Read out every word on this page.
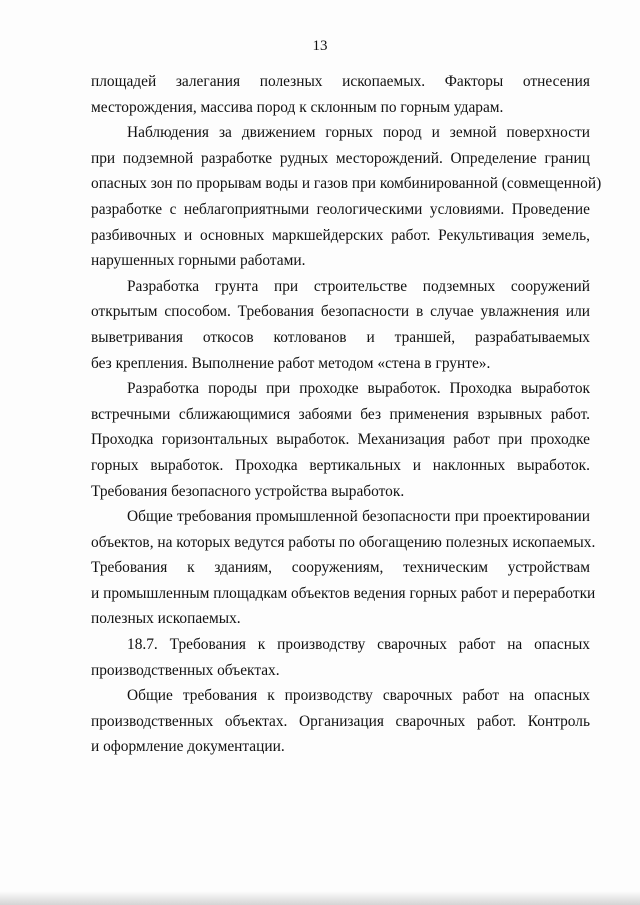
13
площадей залегания полезных ископаемых. Факторы отнесения
месторождения, массива пород к склонным по горным ударам.
Наблюдения за движением горных пород и земной поверхности
при подземной разработке рудных месторождений. Определение границ
опасных зон по прорывам воды и газов при комбинированной (совмещенной)
разработке с неблагоприятными геологическими условиями. Проведение
разбивочных и основных маркшейдерских работ. Рекультивация земель,
нарушенных горными работами.
Разработка грунта при строительстве подземных сооружений
открытым способом. Требования безопасности в случае увлажнения или
выветривания откосов котлованов и траншей, разрабатываемых
без крепления. Выполнение работ методом «стена в грунте».
Разработка породы при проходке выработок. Проходка выработок
встречными сближающимися забоями без применения взрывных работ.
Проходка горизонтальных выработок. Механизация работ при проходке
горных выработок. Проходка вертикальных и наклонных выработок.
Требования безопасного устройства выработок.
Общие требования промышленной безопасности при проектировании
объектов, на которых ведутся работы по обогащению полезных ископаемых.
Требования к зданиям, сооружениям, техническим устройствам
и промышленным площадкам объектов ведения горных работ и переработки
полезных ископаемых.
18.7. Требования к производству сварочных работ на опасных
производственных объектах.
Общие требования к производству сварочных работ на опасных
производственных объектах. Организация сварочных работ. Контроль
и оформление документации.
